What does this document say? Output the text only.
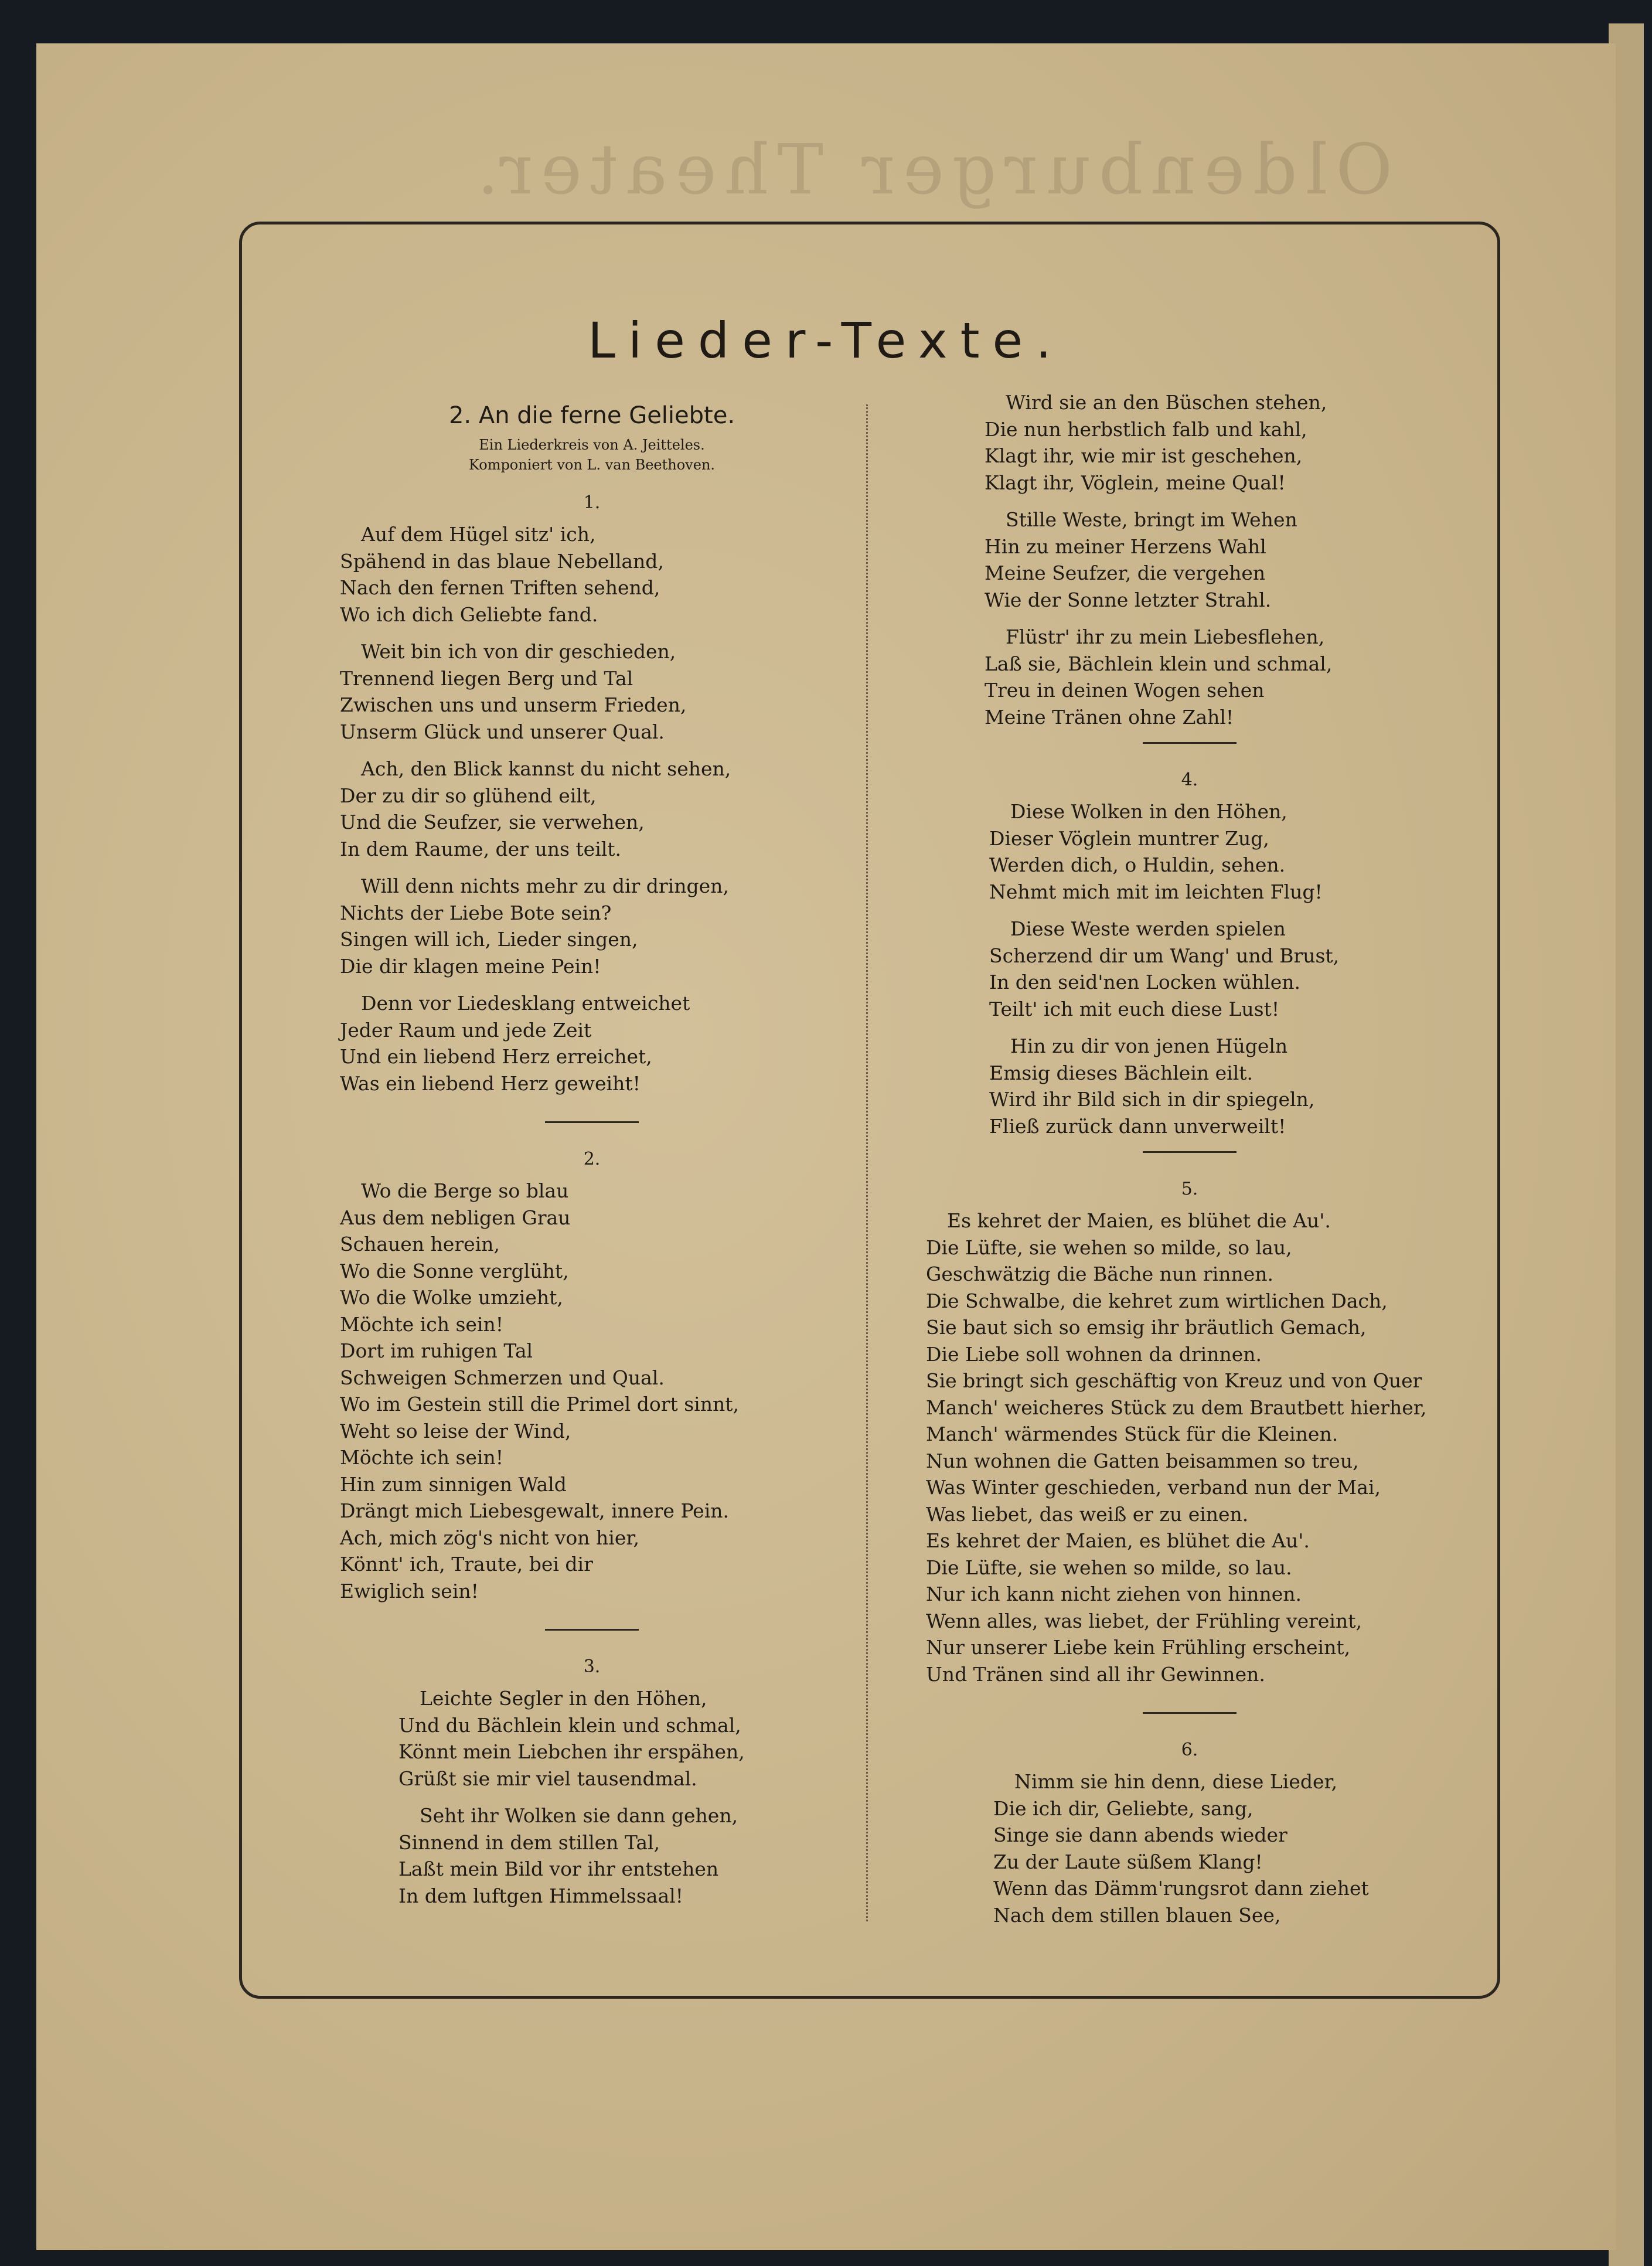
Oldenburger Theater.
Lieder-Texte.
2. An die ferne Geliebte.
Ein Liederkreis von A. Jeitteles.
Komponiert von L. van Beethoven.
1.
Auf dem Hügel sitz' ich,
Spähend in das blaue Nebelland,
Nach den fernen Triften sehend,
Wo ich dich Geliebte fand.
Weit bin ich von dir geschieden,
Trennend liegen Berg und Tal
Zwischen uns und unserm Frieden,
Unserm Glück und unserer Qual.
Ach, den Blick kannst du nicht sehen,
Der zu dir so glühend eilt,
Und die Seufzer, sie verwehen,
In dem Raume, der uns teilt.
Will denn nichts mehr zu dir dringen,
Nichts der Liebe Bote sein?
Singen will ich, Lieder singen,
Die dir klagen meine Pein!
Denn vor Liedesklang entweichet
Jeder Raum und jede Zeit
Und ein liebend Herz erreichet,
Was ein liebend Herz geweiht!
2.
Wo die Berge so blau
Aus dem nebligen Grau
Schauen herein,
Wo die Sonne verglüht,
Wo die Wolke umzieht,
Möchte ich sein!
Dort im ruhigen Tal
Schweigen Schmerzen und Qual.
Wo im Gestein still die Primel dort sinnt,
Weht so leise der Wind,
Möchte ich sein!
Hin zum sinnigen Wald
Drängt mich Liebesgewalt, innere Pein.
Ach, mich zög's nicht von hier,
Könnt' ich, Traute, bei dir
Ewiglich sein!
3.
Leichte Segler in den Höhen,
Und du Bächlein klein und schmal,
Könnt mein Liebchen ihr erspähen,
Grüßt sie mir viel tausendmal.
Seht ihr Wolken sie dann gehen,
Sinnend in dem stillen Tal,
Laßt mein Bild vor ihr entstehen
In dem luftgen Himmelssaal!
Wird sie an den Büschen stehen,
Die nun herbstlich falb und kahl,
Klagt ihr, wie mir ist geschehen,
Klagt ihr, Vöglein, meine Qual!
Stille Weste, bringt im Wehen
Hin zu meiner Herzens Wahl
Meine Seufzer, die vergehen
Wie der Sonne letzter Strahl.
Flüstr' ihr zu mein Liebesflehen,
Laß sie, Bächlein klein und schmal,
Treu in deinen Wogen sehen
Meine Tränen ohne Zahl!
4.
Diese Wolken in den Höhen,
Dieser Vöglein muntrer Zug,
Werden dich, o Huldin, sehen.
Nehmt mich mit im leichten Flug!
Diese Weste werden spielen
Scherzend dir um Wang' und Brust,
In den seid'nen Locken wühlen.
Teilt' ich mit euch diese Lust!
Hin zu dir von jenen Hügeln
Emsig dieses Bächlein eilt.
Wird ihr Bild sich in dir spiegeln,
Fließ zurück dann unverweilt!
5.
Es kehret der Maien, es blühet die Au'.
Die Lüfte, sie wehen so milde, so lau,
Geschwätzig die Bäche nun rinnen.
Die Schwalbe, die kehret zum wirtlichen Dach,
Sie baut sich so emsig ihr bräutlich Gemach,
Die Liebe soll wohnen da drinnen.
Sie bringt sich geschäftig von Kreuz und von Quer
Manch' weicheres Stück zu dem Brautbett hierher,
Manch' wärmendes Stück für die Kleinen.
Nun wohnen die Gatten beisammen so treu,
Was Winter geschieden, verband nun der Mai,
Was liebet, das weiß er zu einen.
Es kehret der Maien, es blühet die Au'.
Die Lüfte, sie wehen so milde, so lau.
Nur ich kann nicht ziehen von hinnen.
Wenn alles, was liebet, der Frühling vereint,
Nur unserer Liebe kein Frühling erscheint,
Und Tränen sind all ihr Gewinnen.
6.
Nimm sie hin denn, diese Lieder,
Die ich dir, Geliebte, sang,
Singe sie dann abends wieder
Zu der Laute süßem Klang!
Wenn das Dämm'rungsrot dann ziehet
Nach dem stillen blauen See,
